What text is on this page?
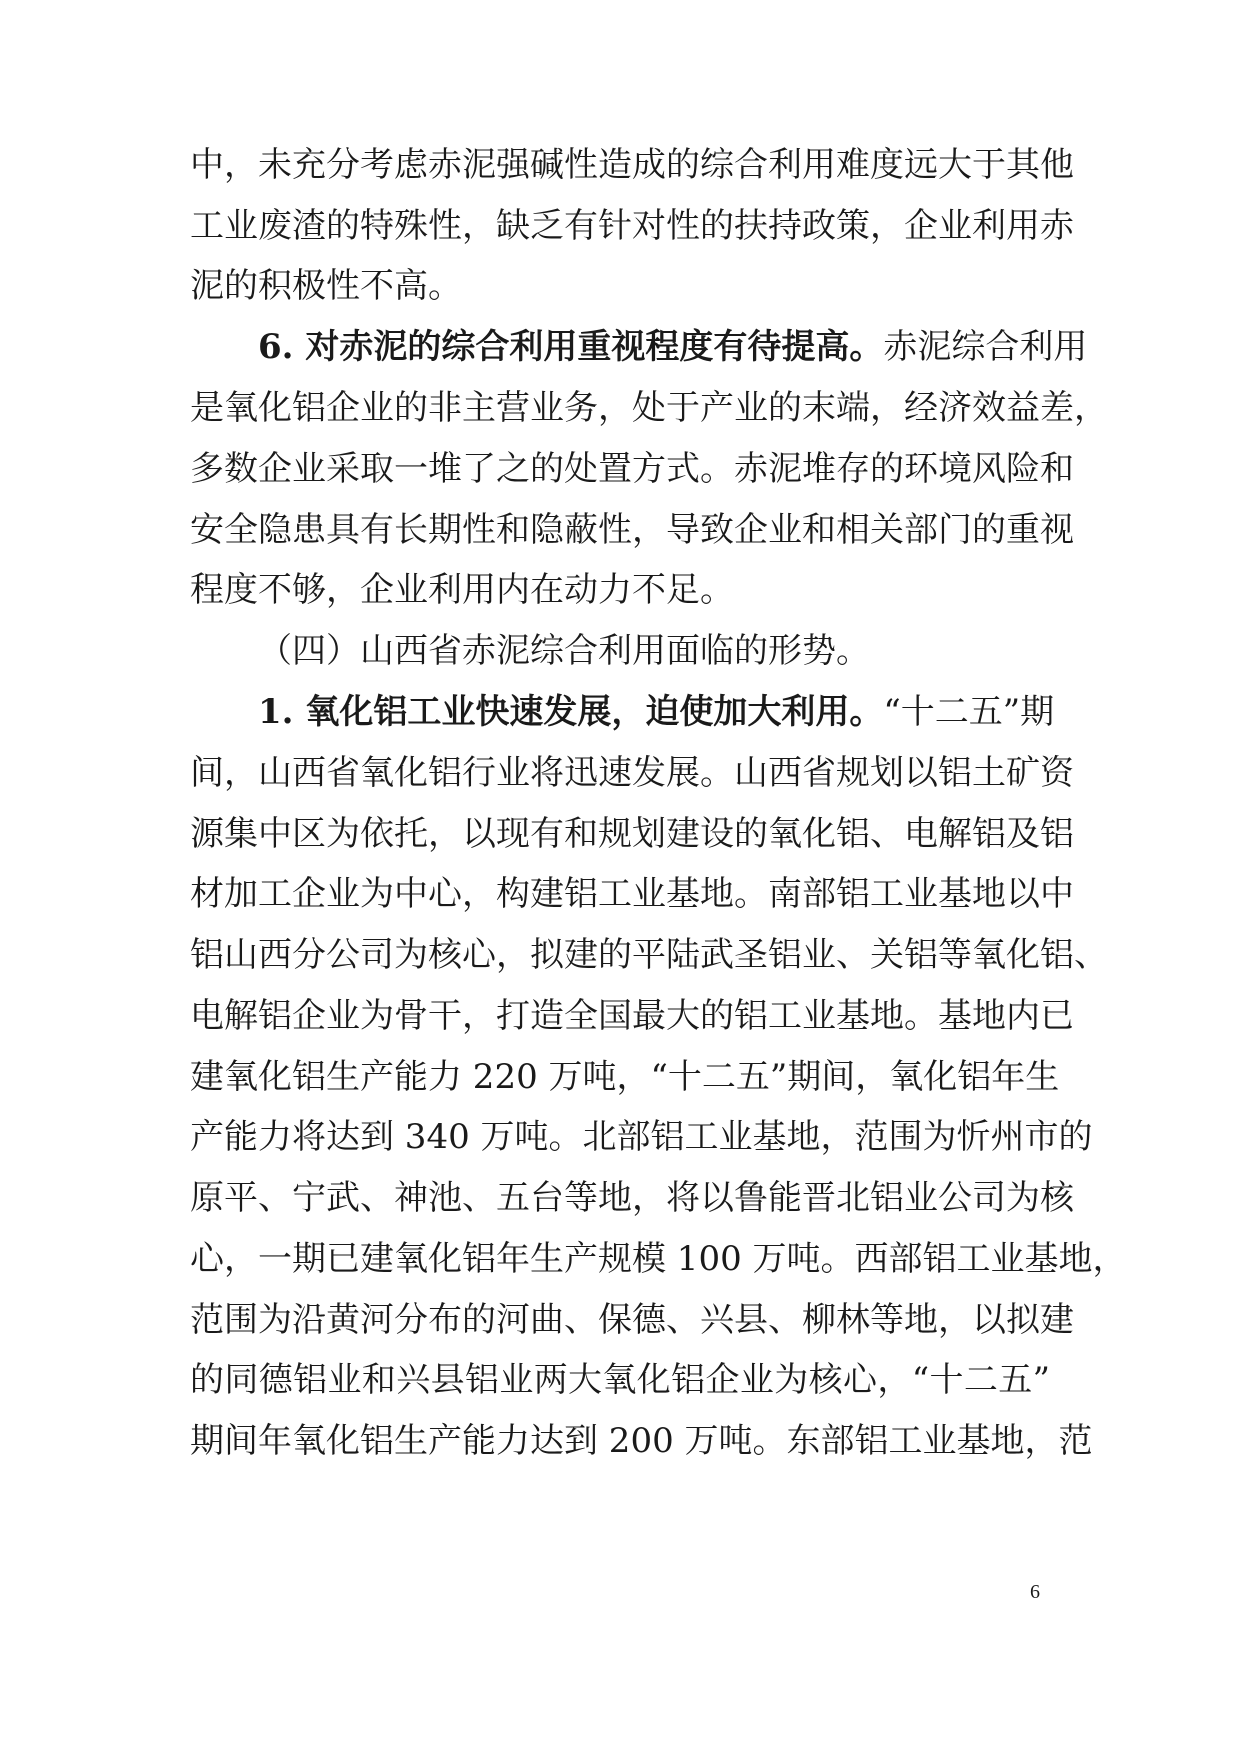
中，未充分考虑赤泥强碱性造成的综合利用难度远大于其他
工业废渣的特殊性，缺乏有针对性的扶持政策，企业利用赤
泥的积极性不高。
6. 对赤泥的综合利用重视程度有待提高。赤泥综合利用
是氧化铝企业的非主营业务，处于产业的末端，经济效益差，
多数企业采取一堆了之的处置方式。赤泥堆存的环境风险和
安全隐患具有长期性和隐蔽性，导致企业和相关部门的重视
程度不够，企业利用内在动力不足。
（四）山西省赤泥综合利用面临的形势。
1. 氧化铝工业快速发展，迫使加大利用。“十二五”期
间，山西省氧化铝行业将迅速发展。山西省规划以铝土矿资
源集中区为依托，以现有和规划建设的氧化铝、电解铝及铝
材加工企业为中心，构建铝工业基地。南部铝工业基地以中
铝山西分公司为核心，拟建的平陆武圣铝业、关铝等氧化铝、
电解铝企业为骨干，打造全国最大的铝工业基地。基地内已
建氧化铝生产能力 220 万吨，“十二五”期间，氧化铝年生
产能力将达到 340 万吨。北部铝工业基地，范围为忻州市的
原平、宁武、神池、五台等地，将以鲁能晋北铝业公司为核
心，一期已建氧化铝年生产规模 100 万吨。西部铝工业基地，
范围为沿黄河分布的河曲、保德、兴县、柳林等地，以拟建
的同德铝业和兴县铝业两大氧化铝企业为核心，“十二五”
期间年氧化铝生产能力达到 200 万吨。东部铝工业基地，范
6
